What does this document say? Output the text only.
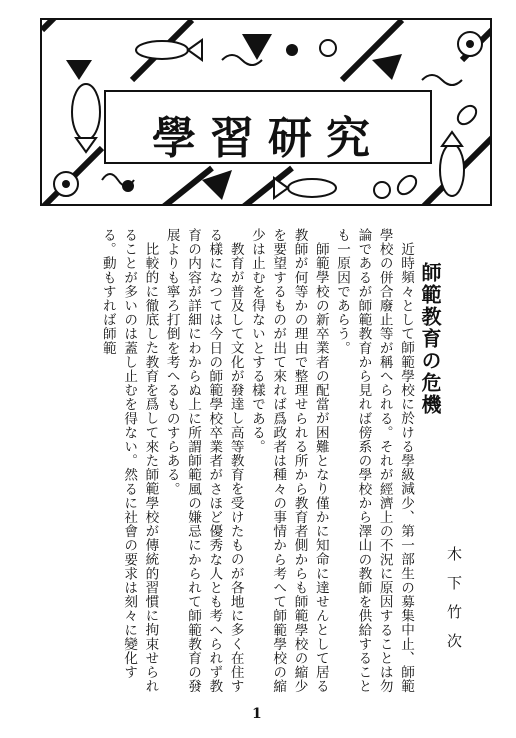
學習研究
師範教育の危機
木下竹次

近時頻々として師範學校に於ける學級減少、第一部生の募集中止、師範學校の併合廢止等が稱へられる。それが經濟上の不況に原因することは勿論であるが師範教育から見れば傍系の學校から澤山の教師を供給することも一原因であらう。

師範學校の新卒業者の配當が困難となり僅かに知命に達せんとして居る教師が何等かの理由で整理せられる所から教育者側からも師範學校の縮少を要望するものが出て來れば爲政者は種々の事情から考へて師範學校の縮少は止むを得ないとする樣である。

教育が普及して文化が發達し高等教育を受けたものが各地に多く在住する樣になつては今日の師範學校卒業者がさほど優秀な人とも考へられず教育の内容が詳細にわからぬ上に所謂師範風の嫌忌にかられて師範教育の發展よりも寧ろ打倒を考へるものすらある。

比較的に徹底した教育を爲して來た師範學校が傳統的習慣に拘束せられることが多いのは蓋し止むを得ない。然るに社會の要求は刻々に變化する。動もすれば師範

1
